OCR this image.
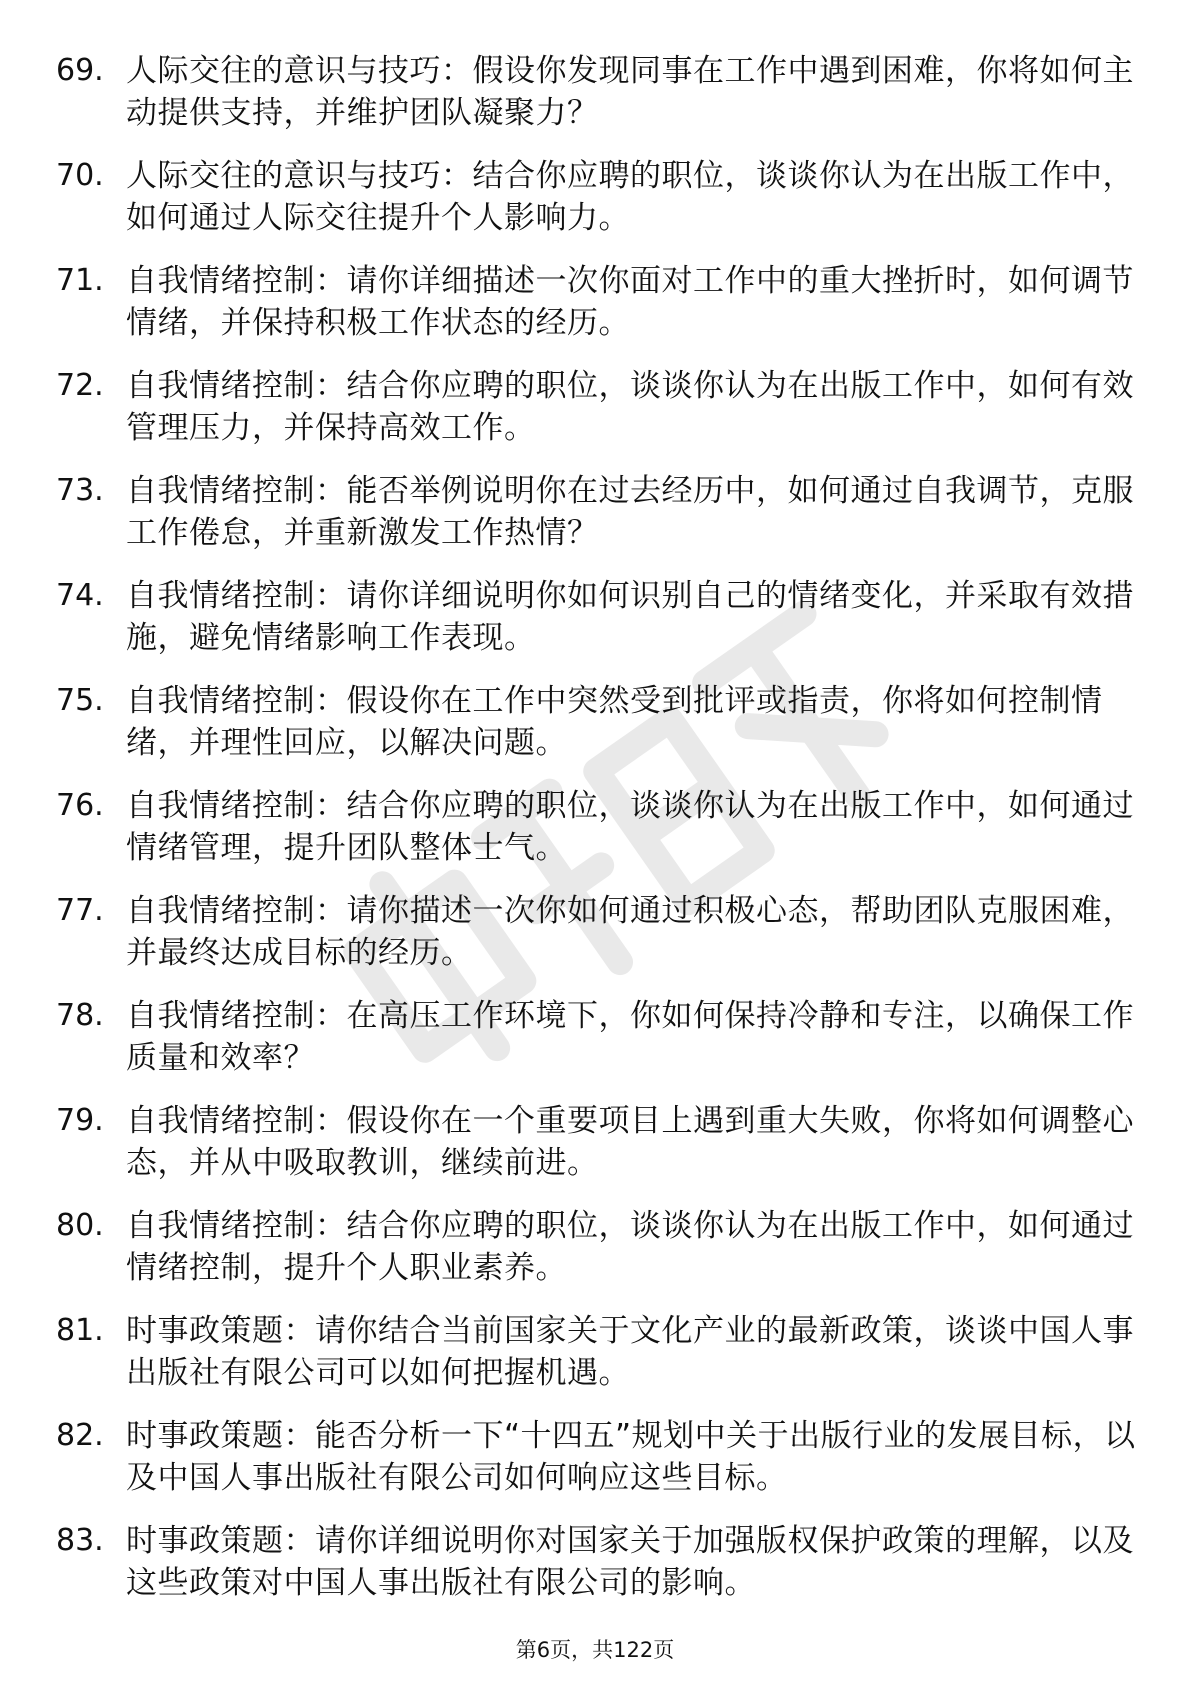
69. 人际交往的意识与技巧：假设你发现同事在工作中遇到困难，你将如何主动提供支持，并维护团队凝聚力？
70. 人际交往的意识与技巧：结合你应聘的职位，谈谈你认为在出版工作中，如何通过人际交往提升个人影响力。
71. 自我情绪控制：请你详细描述一次你面对工作中的重大挫折时，如何调节情绪，并保持积极工作状态的经历。
72. 自我情绪控制：结合你应聘的职位，谈谈你认为在出版工作中，如何有效管理压力，并保持高效工作。
73. 自我情绪控制：能否举例说明你在过去经历中，如何通过自我调节，克服工作倦怠，并重新激发工作热情？
74. 自我情绪控制：请你详细说明你如何识别自己的情绪变化，并采取有效措施，避免情绪影响工作表现。
75. 自我情绪控制：假设你在工作中突然受到批评或指责，你将如何控制情绪，并理性回应，以解决问题。
76. 自我情绪控制：结合你应聘的职位，谈谈你认为在出版工作中，如何通过情绪管理，提升团队整体士气。
77. 自我情绪控制：请你描述一次你如何通过积极心态，帮助团队克服困难，并最终达成目标的经历。
78. 自我情绪控制：在高压工作环境下，你如何保持冷静和专注，以确保工作质量和效率？
79. 自我情绪控制：假设你在一个重要项目上遇到重大失败，你将如何调整心态，并从中吸取教训，继续前进。
80. 自我情绪控制：结合你应聘的职位，谈谈你认为在出版工作中，如何通过情绪控制，提升个人职业素养。
81. 时事政策题：请你结合当前国家关于文化产业的最新政策，谈谈中国人事出版社有限公司可以如何把握机遇。
82. 时事政策题：能否分析一下“十四五”规划中关于出版行业的发展目标，以及中国人事出版社有限公司如何响应这些目标。
83. 时事政策题：请你详细说明你对国家关于加强版权保护政策的理解，以及这些政策对中国人事出版社有限公司的影响。
第6页，共122页
